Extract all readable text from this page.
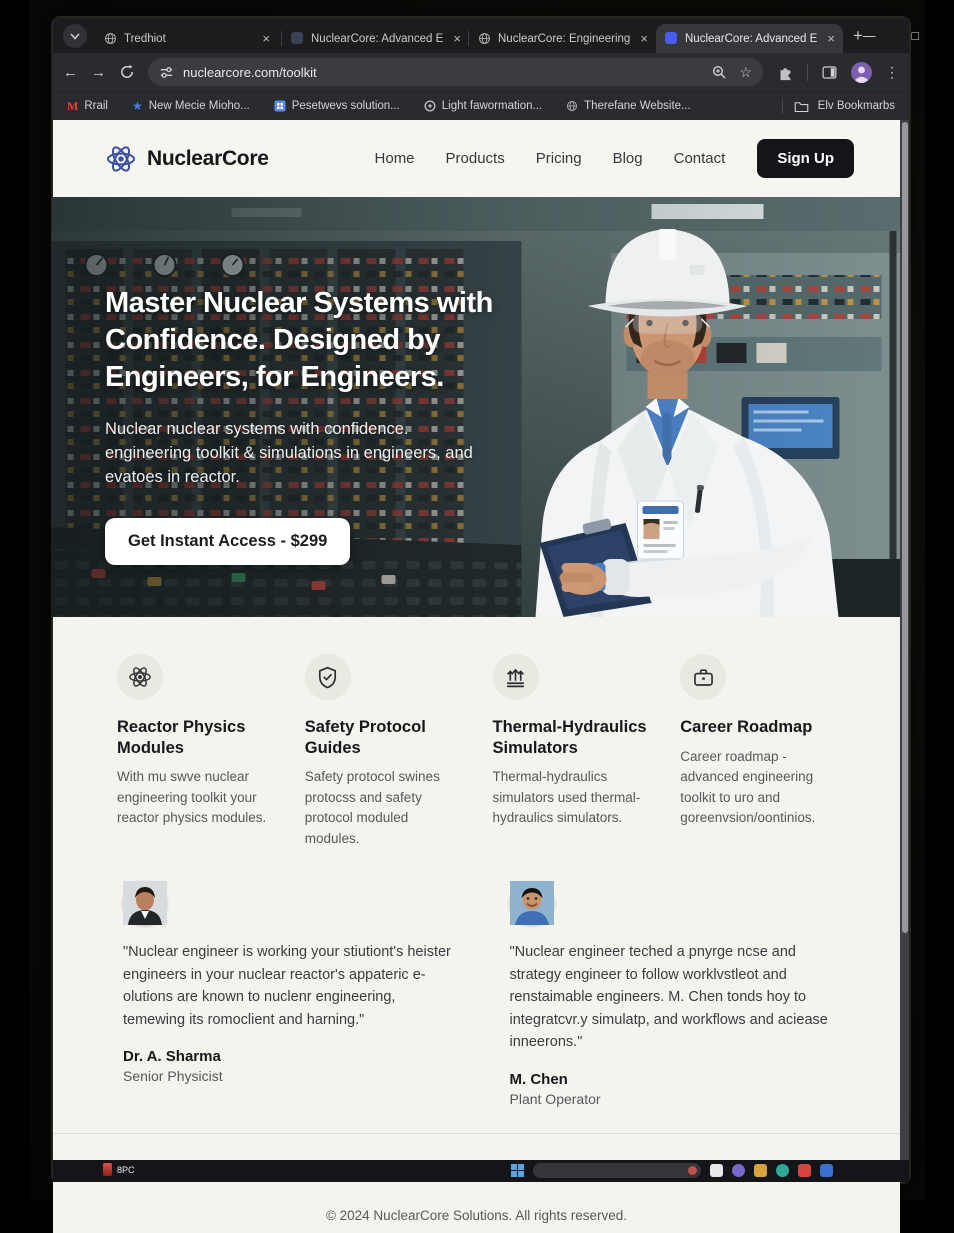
Tredhiot	×	NuclearCore: Advanced E ×	NuclearCore: Engineering ×	NuclearCore: Advanced E × + —	□
← →	nuclearcore.com/toolkit	☆	⋮
M Rrail ★ New Mecie Mioho...	Pesetwevs solution...	Light fawormation...	Therefane Website...	Elv Bookmarbs
NuclearCore	Home Products Pricing Blog Contact	Sign Up
Master Nuclear Systems with
Confidence. Designed by
Engineers, for Engineers.
Nuclear nuclear systems with confidence.
engineering toolkit & simulations in engineers, and
evatoes in reactor.
Get Instant Access - $299
Reactor Physics Modules

With mu swve nuclear engineering toolkit your reactor physics modules.

Safety Protocol Guides

Safety protocol swines protocss and safety protocol moduled modules.

Thermal-Hydraulics Simulators

Thermal-hydraulics simulators used thermal-hydraulics simulators.

Career Roadmap

Career roadmap - advanced engineering toolkit to uro and goreenvsion/oontinios.

"Nuclear engineer is working your stiutiont's heister engineers in your nuclear reactor's appateric e-olutions are known to nuclenr engineering, temewing its romoclient and harning."

Dr. A. Sharma
Senior Physicist

"Nuclear engineer teched a pnyrge ncse and strategy engineer to follow worklvstleot and renstaimable engineers. M. Chen tonds hoy to integratcvr.y simulatp, and workflows and aciease inneerons."

M. Chen
Plant Operator
© 2024 NuclearCore Solutions. All rights reserved.
8PC
